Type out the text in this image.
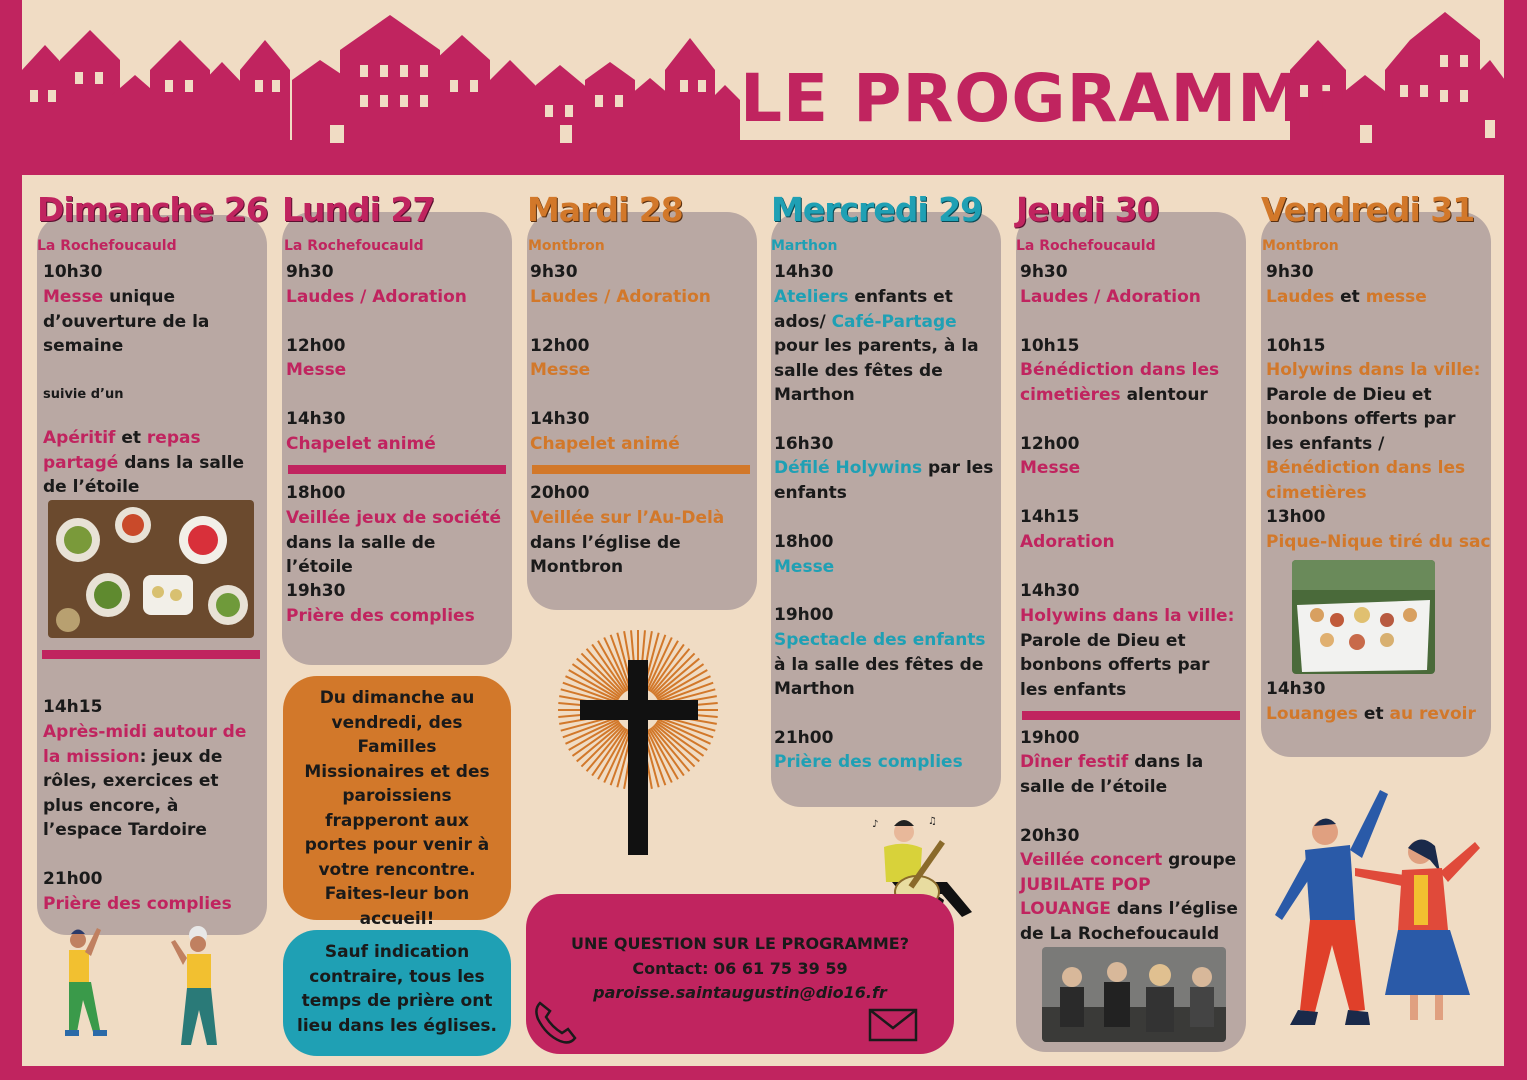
LE PROGRAMME
Dimanche 26
La Rochefoucauld
10h30
Messe unique d’ouverture de la semaine
suivie d’un
Apéritif et repas partagé dans la salle de l’étoile
14h15
Après-midi autour de la mission: jeux de rôles, exercices et plus encore, à l’espace Tardoire
21h00
Prière des complies
Lundi 27
La Rochefoucauld
9h30
Laudes / Adoration
12h00
Messe
14h30
Chapelet animé
18h00
Veillée jeux de société dans la salle de l’étoile
19h30
Prière des complies
Mardi 28
Montbron
9h30
Laudes / Adoration
12h00
Messe
14h30
Chapelet animé
20h00
Veillée sur l’Au-Delà dans l’église de Montbron
Mercredi 29
Marthon
14h30
Ateliers enfants et ados/ Café-Partage pour les parents, à la salle des fêtes de Marthon
16h30
Défilé Holywins par les enfants
18h00
Messe
19h00
Spectacle des enfants à la salle des fêtes de Marthon
21h00
Prière des complies
♪	♫
Jeudi 30
La Rochefoucauld
9h30
Laudes / Adoration
10h15
Bénédiction dans les cimetières alentour
12h00
Messe
14h15
Adoration
14h30
Holywins dans la ville: Parole de Dieu et bonbons offerts par les enfants
19h00
Dîner festif dans la salle de l’étoile
20h30
Veillée concert groupe JUBILATE POP LOUANGE dans l’église de La Rochefoucauld
Vendredi 31
Montbron
9h30
Laudes et messe
10h15
Holywins dans la ville: Parole de Dieu et bonbons offerts par les enfants / Bénédiction dans les cimetières
13h00
Pique-Nique tiré du sac
14h30
Louanges et au revoir
Du dimanche au vendredi, des Familles Missionaires et des paroissiens frapperont aux portes pour venir à votre rencontre. Faites-leur bon accueil!
Sauf indication contraire, tous les temps de prière ont lieu dans les églises.
UNE QUESTION SUR LE PROGRAMME?
Contact: 06 61 75 39 59
paroisse.saintaugustin@dio16.fr
